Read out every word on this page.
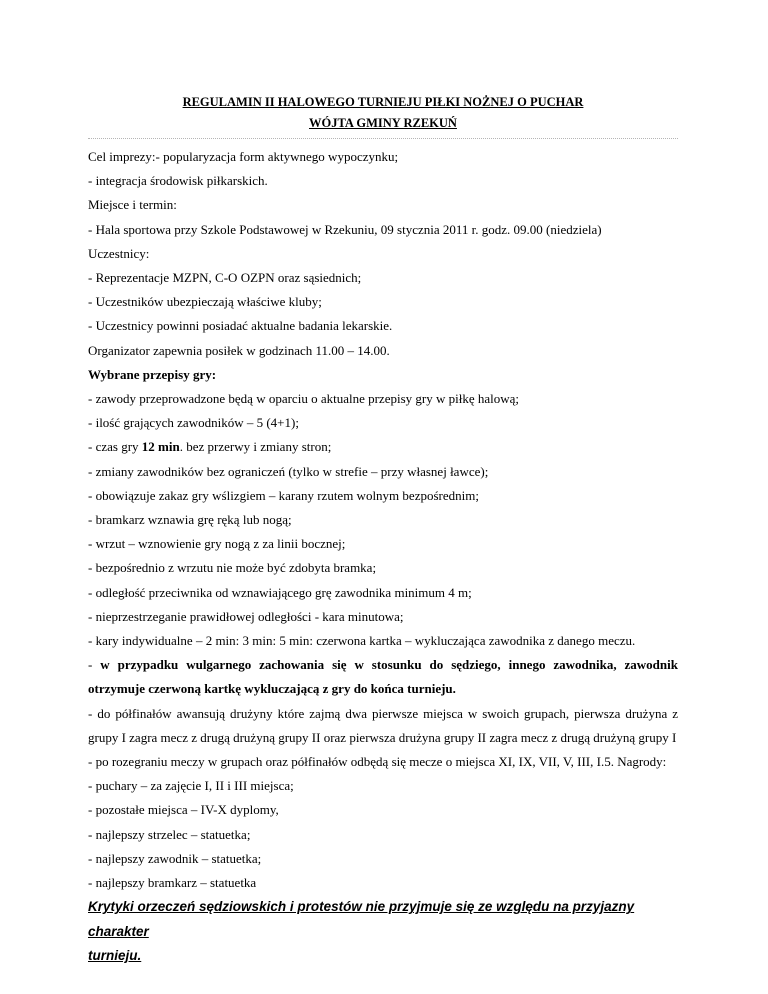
REGULAMIN II HALOWEGO TURNIEJU PIŁKI NOŻNEJ O PUCHAR

WÓJTA GMINY RZEKUŃ

Cel imprezy:- popularyzacja form aktywnego wypoczynku;

- integracja środowisk piłkarskich.

Miejsce i termin:

- Hala sportowa przy Szkole Podstawowej w Rzekuniu, 09 stycznia 2011 r. godz. 09.00 (niedziela)

Uczestnicy:

- Reprezentacje MZPN, C-O OZPN oraz sąsiednich;

- Uczestników ubezpieczają właściwe kluby;

- Uczestnicy powinni posiadać aktualne badania lekarskie.

Organizator zapewnia posiłek w godzinach 11.00 – 14.00.

Wybrane przepisy gry:

- zawody przeprowadzone będą w oparciu o aktualne przepisy gry w piłkę halową;

- ilość grających zawodników – 5 (4+1);

- czas gry 12 min. bez przerwy i zmiany stron;

- zmiany zawodników bez ograniczeń (tylko w strefie – przy własnej ławce);

- obowiązuje zakaz gry wślizgiem – karany rzutem wolnym bezpośrednim;

- bramkarz wznawia grę ręką lub nogą;

- wrzut – wznowienie gry nogą z za linii bocznej;

- bezpośrednio z wrzutu nie może być zdobyta bramka;

- odległość przeciwnika od wznawiającego grę zawodnika minimum 4 m;

- nieprzestrzeganie prawidłowej odległości - kara minutowa;

- kary indywidualne – 2 min: 3 min: 5 min: czerwona kartka – wykluczająca zawodnika z danego meczu.

- w przypadku wulgarnego zachowania się w stosunku do sędziego, innego zawodnika, zawodnik

otrzymuje czerwoną kartkę wykluczającą z gry do końca turnieju.

- do półfinałów awansują drużyny które zajmą dwa pierwsze miejsca w swoich grupach, pierwsza drużyna z

grupy I zagra mecz z drugą drużyną grupy II oraz pierwsza drużyna grupy II zagra mecz z drugą drużyną grupy I

- po rozegraniu meczy w grupach oraz półfinałów odbędą się mecze o miejsca XI, IX, VII, V, III, I.5. Nagrody:

- puchary – za zajęcie I, II i III miejsca;

- pozostałe miejsca – IV-X dyplomy,

- najlepszy strzelec – statuetka;

- najlepszy zawodnik – statuetka;

- najlepszy bramkarz – statuetka

Krytyki orzeczeń sędziowskich i protestów nie przyjmuje się ze względu na przyjazny charakter

turnieju.
